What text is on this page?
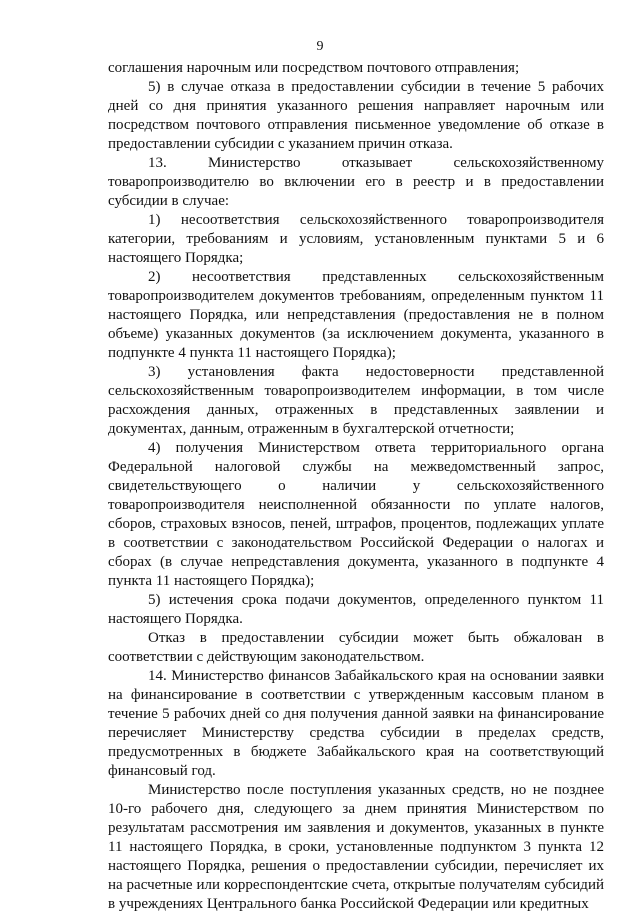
9

соглашения нарочным или посредством почтового отправления;

5) в случае отказа в предоставлении субсидии в течение 5 рабочих дней со дня принятия указанного решения направляет нарочным или посредством почтового отправления письменное уведомление об отказе в предоставлении субсидии с указанием причин отказа.

13. Министерство отказывает сельскохозяйственному товаропроизводителю во включении его в реестр и в предоставлении субсидии в случае:

1) несоответствия сельскохозяйственного товаропроизводителя категории, требованиям и условиям, установленным пунктами 5 и 6 настоящего Порядка;

2) несоответствия представленных сельскохозяйственным товаропроизводителем документов требованиям, определенным пунктом 11 настоящего Порядка, или непредставления (предоставления не в полном объеме) указанных документов (за исключением документа, указанного в подпункте 4 пункта 11 настоящего Порядка);

3) установления факта недостоверности представленной сельскохозяйственным товаропроизводителем информации, в том числе расхождения данных, отраженных в представленных заявлении и документах, данным, отраженным в бухгалтерской отчетности;

4) получения Министерством ответа территориального органа Федеральной налоговой службы на межведомственный запрос, свидетельствующего о наличии у сельскохозяйственного товаропроизводителя неисполненной обязанности по уплате налогов, сборов, страховых взносов, пеней, штрафов, процентов, подлежащих уплате в соответствии с законодательством Российской Федерации о налогах и сборах (в случае непредставления документа, указанного в подпункте 4 пункта 11 настоящего Порядка);

5) истечения срока подачи документов, определенного пунктом 11 настоящего Порядка.

Отказ в предоставлении субсидии может быть обжалован в соответствии с действующим законодательством.

14. Министерство финансов Забайкальского края на основании заявки на финансирование в соответствии с утвержденным кассовым планом в течение 5 рабочих дней со дня получения данной заявки на финансирование перечисляет Министерству средства субсидии в пределах средств, предусмотренных в бюджете Забайкальского края на соответствующий финансовый год.

Министерство после поступления указанных средств, но не позднее 10-го рабочего дня, следующего за днем принятия Министерством по результатам рассмотрения им заявления и документов, указанных в пункте 11 настоящего Порядка, в сроки, установленные подпунктом 3 пункта 12 настоящего Порядка, решения о предоставлении субсидии, перечисляет их на расчетные или корреспондентские счета, открытые получателям субсидий в учреждениях Центрального банка Российской Федерации или кредитных
